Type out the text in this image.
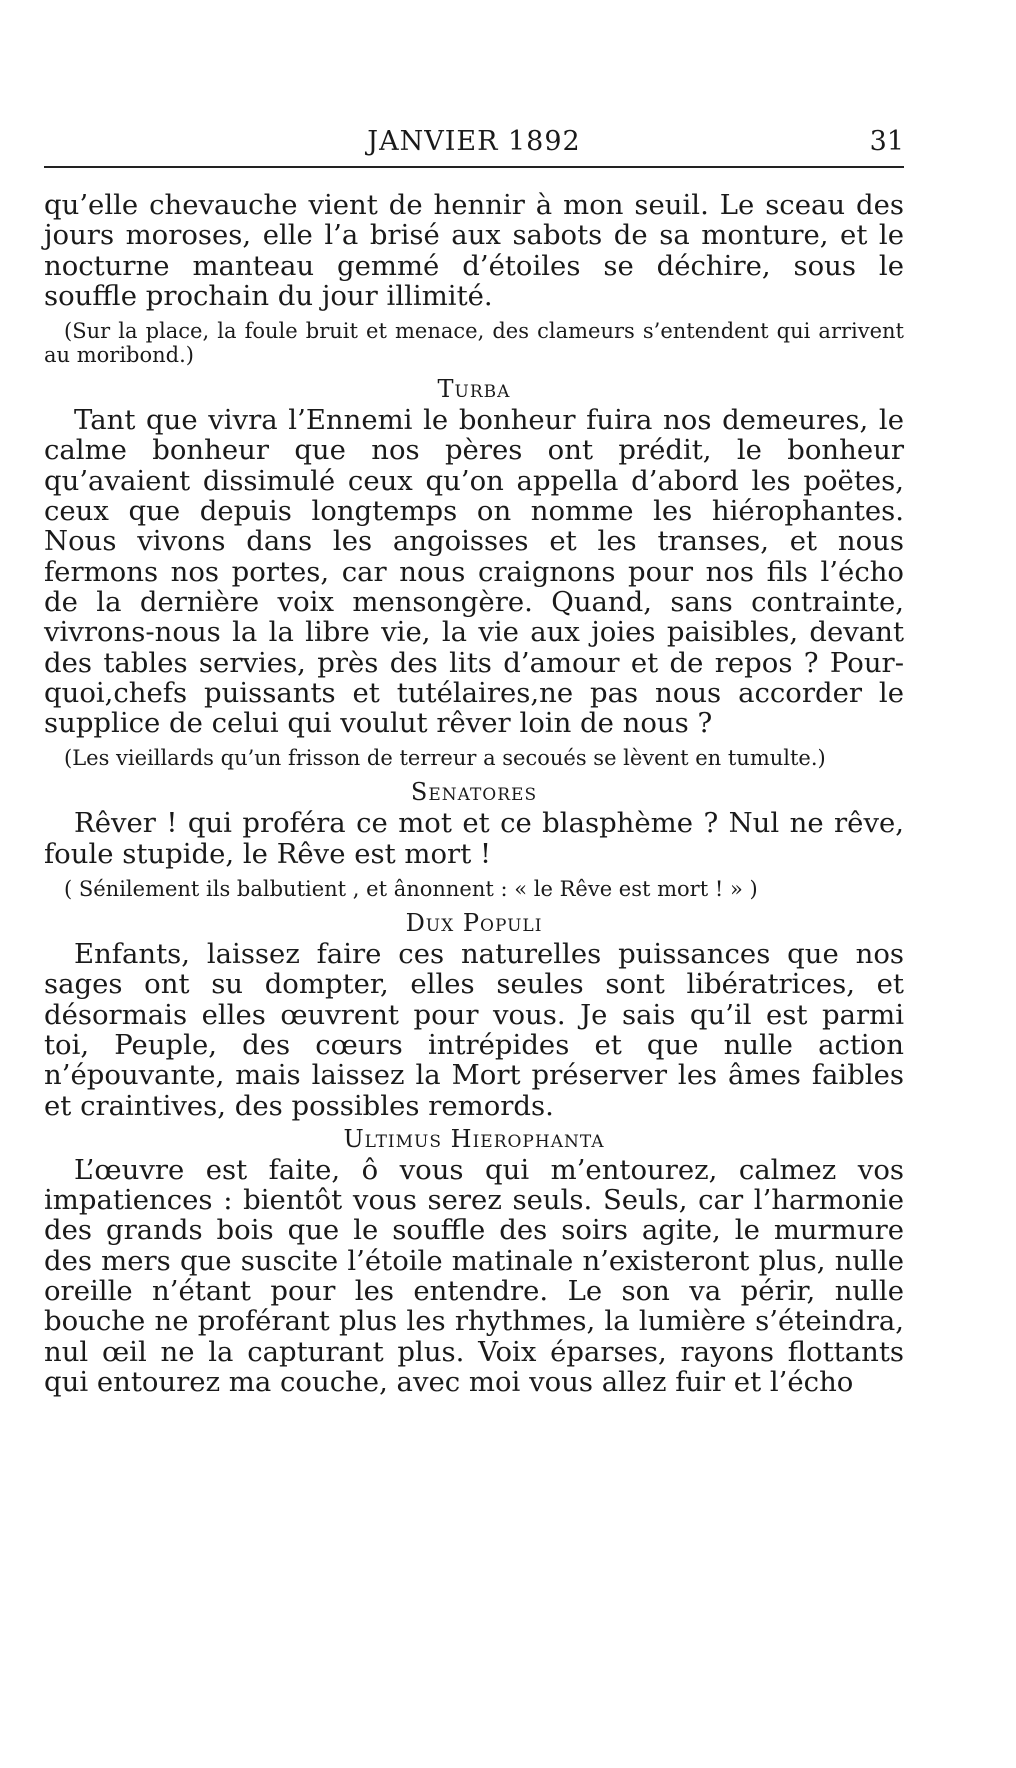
JANVIER 1892	31

qu’elle chevauche vient de hennir à mon seuil. Le sceau des jours moroses, elle l’a brisé aux sabots de sa monture, et le nocturne manteau gemmé d’étoiles se déchire, sous le souffle prochain du jour illimité.

(Sur la place, la foule bruit et menace, des clameurs s’entendent qui arrivent au moribond.)

Turba

Tant que vivra l’Ennemi le bonheur fuira nos demeures, le calme bonheur que nos pères ont prédit, le bonheur qu’avaient dissimulé ceux qu’on appella d’abord les poëtes, ceux que depuis longtemps on nomme les hiérophantes. Nous vivons dans les angoisses et les transes, et nous fermons nos portes, car nous craignons pour nos fils l’écho de la dernière voix mensongère. Quand, sans contrainte, vivrons-nous la la libre vie, la vie aux joies paisibles, devant des tables servies, près des lits d’amour et de repos ? Pourquoi,chefs puissants et tutélaires,ne pas nous accorder le supplice de celui qui voulut rêver loin de nous ?

(Les vieillards qu’un frisson de terreur a secoués se lèvent en tumulte.)

Senatores

Rêver ! qui proféra ce mot et ce blasphème ? Nul ne rêve, foule stupide, le Rêve est mort !

( Sénilement ils balbutient , et ânonnent : « le Rêve est mort ! » )

Dux Populi

Enfants, laissez faire ces naturelles puissances que nos sages ont su dompter, elles seules sont libératrices, et désormais elles œuvrent pour vous. Je sais qu’il est parmi toi, Peuple, des cœurs intrépides et que nulle action n’épouvante, mais laissez la Mort préserver les âmes faibles et craintives, des possibles remords.

Ultimus Hierophanta

L’œuvre est faite, ô vous qui m’entourez, calmez vos impatiences : bientôt vous serez seuls. Seuls, car l’harmonie des grands bois que le souffle des soirs agite, le murmure des mers que suscite l’étoile matinale n’existeront plus, nulle oreille n’étant pour les entendre. Le son va périr, nulle bouche ne proférant plus les rhythmes, la lumière s’éteindra, nul œil ne la capturant plus. Voix éparses, rayons flottants qui entourez ma couche, avec moi vous allez fuir et l’écho
